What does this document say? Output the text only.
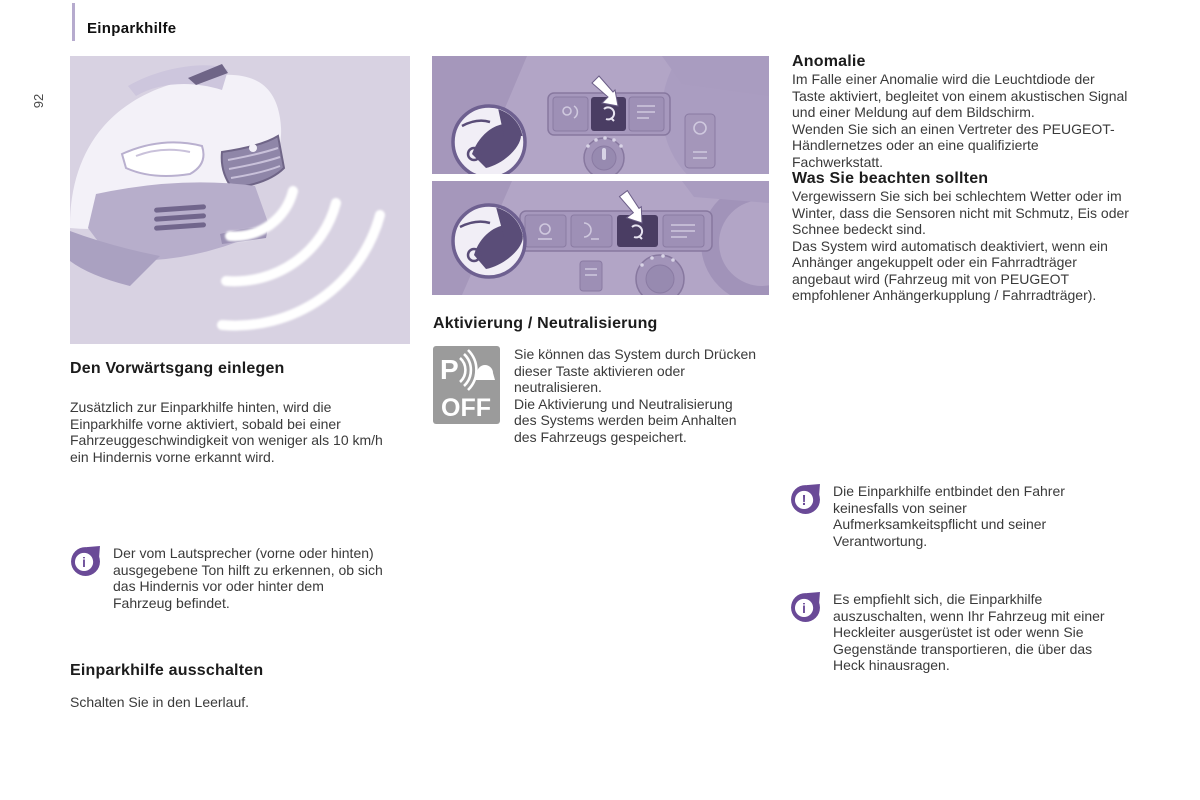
Einparkhilfe
92
Den Vorwärtsgang einlegen

Zusätzlich zur Einparkhilfe hinten, wird die Einparkhilfe vorne aktiviert, sobald bei einer Fahrzeuggeschwindigkeit von weniger als 10 km/h ein Hindernis vorne erkannt wird.

i

Der vom Lautsprecher (vorne oder hinten) ausgegebene Ton hilft zu erkennen, ob sich das Hindernis vor oder hinter dem Fahrzeug befindet.

Einparkhilfe ausschalten

Schalten Sie in den Leerlauf.

Aktivierung / Neutralisierung
P
OFF

Sie können das System durch Drücken dieser Taste aktivieren oder neutralisieren.

Die Aktivierung und Neutralisierung des Systems werden beim Anhalten des Fahrzeugs gespeichert.

Anomalie

Im Falle einer Anomalie wird die Leuchtdiode der Taste aktiviert, begleitet von einem akustischen Signal und einer Meldung auf dem Bildschirm.

Wenden Sie sich an einen Vertreter des PEUGEOT-Händlernetzes oder an eine qualifizierte Fachwerkstatt.

Was Sie beachten sollten

Vergewissern Sie sich bei schlechtem Wetter oder im Winter, dass die Sensoren nicht mit Schmutz, Eis oder Schnee bedeckt sind.

Das System wird automatisch deaktiviert, wenn ein Anhänger angekuppelt oder ein Fahrradträger angebaut wird (Fahrzeug mit von PEUGEOT empfohlener Anhängerkupplung / Fahrradträger).

!

Die Einparkhilfe entbindet den Fahrer keinesfalls von seiner Aufmerksamkeitspflicht und seiner Verantwortung.

i

Es empfiehlt sich, die Einparkhilfe auszuschalten, wenn Ihr Fahrzeug mit einer Heckleiter ausgerüstet ist oder wenn Sie Gegenstände transportieren, die über das Heck hinausragen.
